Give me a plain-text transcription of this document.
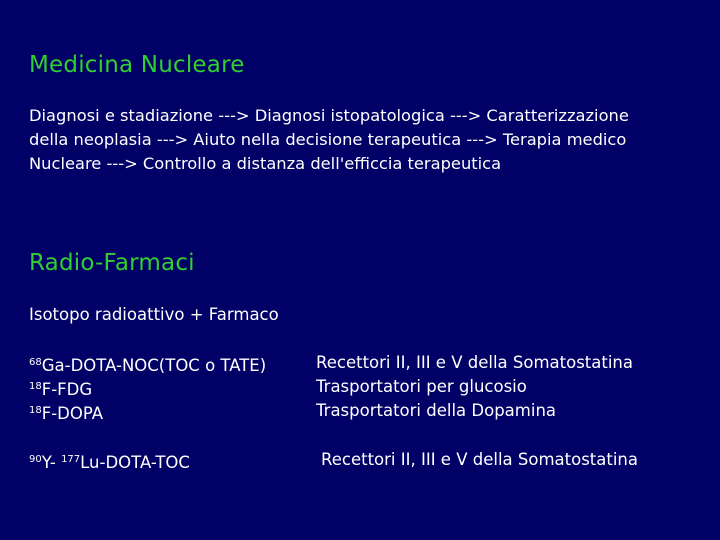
Medicina Nucleare
Diagnosi e stadiazione ---> Diagnosi istopatologica ---> Caratterizzazione
della neoplasia ---> Aiuto nella decisione terapeutica ---> Terapia medico
Nucleare ---> Controllo a distanza dell'efficcia terapeutica
Radio-Farmaci
Isotopo radioattivo + Farmaco
$^{68}$Ga-DOTA-NOC(TOC o TATE)
$^{18}$F-FDG
$^{18}$F-DOPA
Recettori II, III e V della Somatostatina
Trasportatori per glucosio
Trasportatori della Dopamina
$^{90}$Y- $^{177}$Lu-DOTA-TOC	Recettori II, III e V della Somatostatina
